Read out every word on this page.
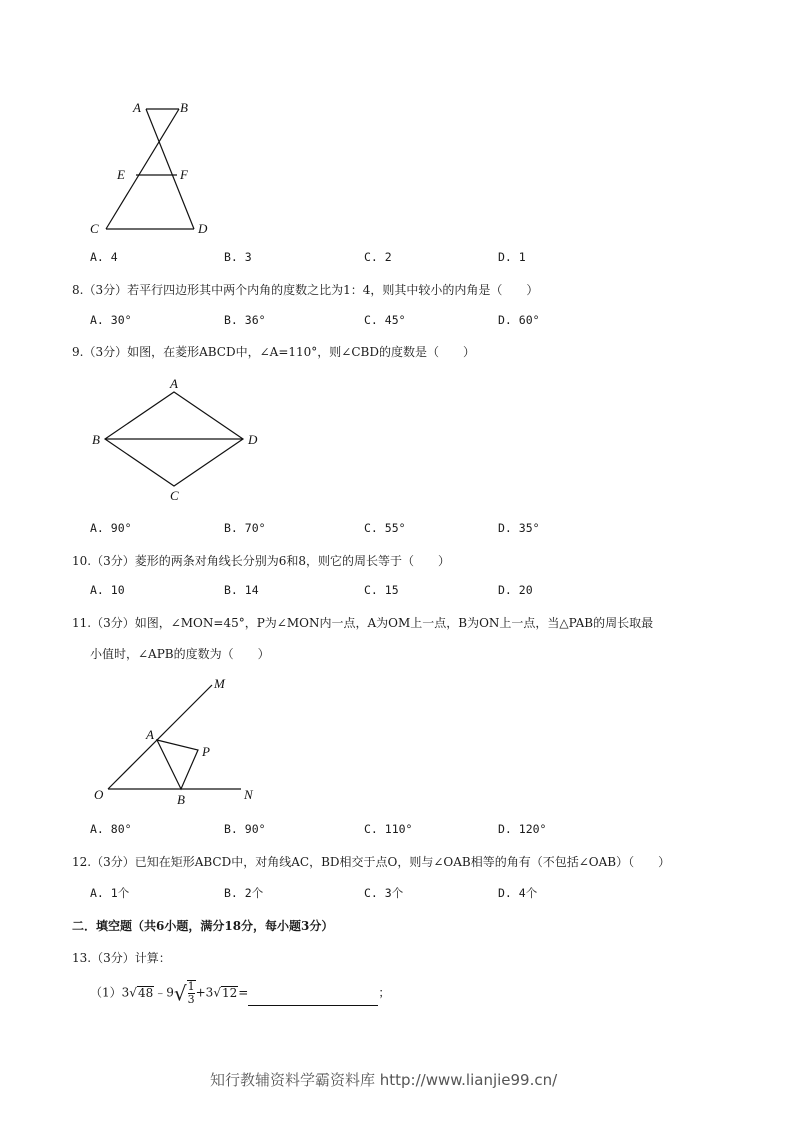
A	B
E	F
C	D
A. 4	B. 3	C. 2	D. 1
8.（3分）若平行四边形其中两个内角的度数之比为1：4，则其中较小的内角是（　　）
A. 30°	B. 36°	C. 45°	D. 60°
9.（3分）如图，在菱形ABCD中，∠A=110°，则∠CBD的度数是（　　）
A
B	D
C
A. 90°	B. 70°	C. 55°	D. 35°
10.（3分）菱形的两条对角线长分别为6和8，则它的周长等于（　　）
A. 10	B. 14	C. 15	D. 20
11.（3分）如图，∠MON=45°，P为∠MON内一点，A为OM上一点，B为ON上一点，当△PAB的周长取最
小值时，∠APB的度数为（　　）
M
A
P
O	B	N
A. 80°	B. 90°	C. 110°	D. 120°
12.（3分）已知在矩形ABCD中，对角线AC，BD相交于点O，则与∠OAB相等的角有（不包括∠OAB）（　　）
A. 1个	B. 2个	C. 3个	D. 4个
二．填空题（共6小题，满分18分，每小题3分）
13.（3分）计算：
（1）3√48﹣9√ $\frac{1}{3} +3√12=$	；
知行教辅资料学霸资料库 http://www.lianjie99.cn/
